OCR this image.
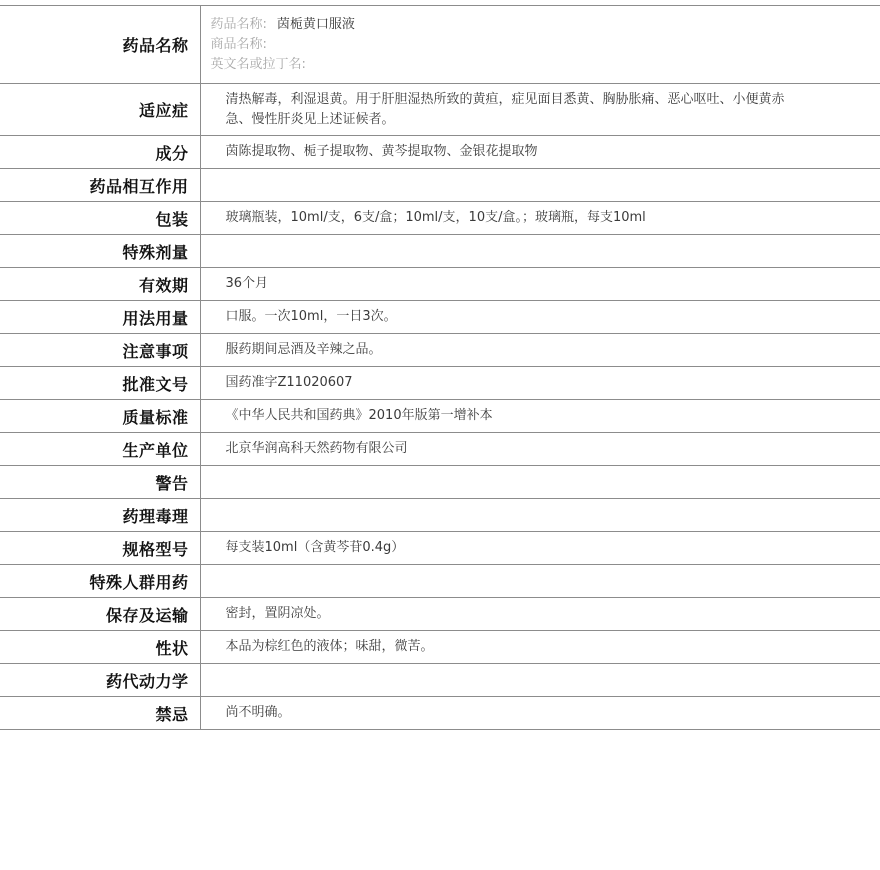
药品名称	药品名称: 茵栀黄口服液
商品名称:
英文名或拉丁名:

适应症	清热解毒，利湿退黄。用于肝胆湿热所致的黄疸，症见面目悉黄、胸胁胀痛、恶心呕吐、小便黄赤急、慢性肝炎见上述证候者。
成分	茵陈提取物、栀子提取物、黄芩提取物、金银花提取物
药品相互作用	
包装	玻璃瓶装，10ml/支，6支/盒；10ml/支，10支/盒。；玻璃瓶，每支10ml
特殊剂量	
有效期	36个月
用法用量	口服。一次10ml，一日3次。
注意事项	服药期间忌酒及辛辣之品。
批准文号	国药准字Z11020607
质量标准	《中华人民共和国药典》2010年版第一增补本
生产单位	北京华润高科天然药物有限公司
警告	
药理毒理	
规格型号	每支装10ml（含黄芩苷0.4g）
特殊人群用药	
保存及运输	密封，置阴凉处。
性状	本品为棕红色的液体；味甜，微苦。
药代动力学	
禁忌	尚不明确。
